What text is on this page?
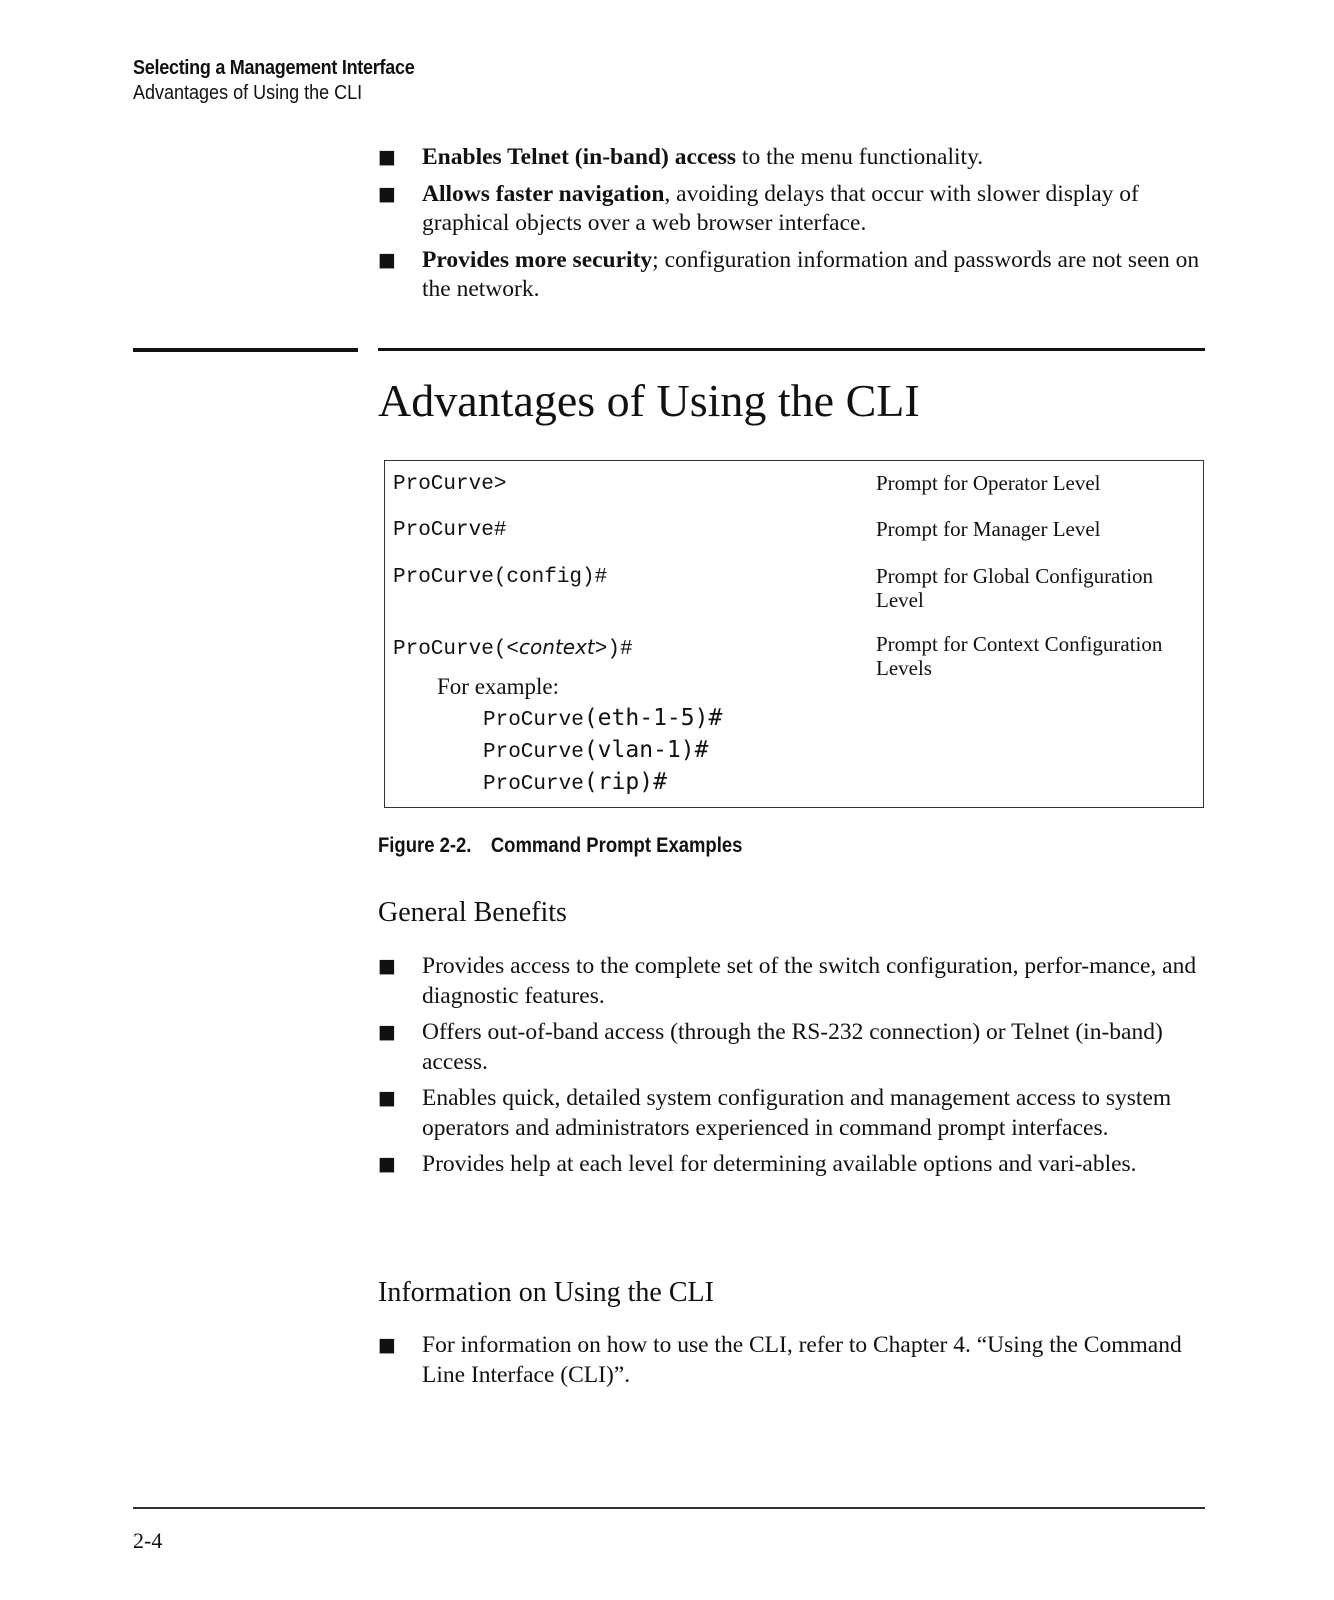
Selecting a Management Interface
Advantages of Using the CLI
■ Enables Telnet (in-band) access to the menu functionality.
■ Allows faster navigation, avoiding delays that occur with slower display of graphical objects over a web browser interface.
■ Provides more security; configuration information and passwords are not seen on the network.
Advantages of Using the CLI
ProCurve>	Prompt for Operator Level
ProCurve#	Prompt for Manager Level
ProCurve(config)#	Prompt for Global Configuration Level
ProCurve(<context>)#	Prompt for Context Configuration Levels
For example:
ProCurve(eth-1-5)#
ProCurve(vlan-1)#
ProCurve(rip)#
Figure 2-2. Command Prompt Examples
General Benefits
■ Provides access to the complete set of the switch configuration, perfor-mance, and diagnostic features.
■ Offers out-of-band access (through the RS-232 connection) or Telnet (in-band) access.
■ Enables quick, detailed system configuration and management access to system operators and administrators experienced in command prompt interfaces.
■ Provides help at each level for determining available options and vari-ables.
Information on Using the CLI
■ For information on how to use the CLI, refer to Chapter 4. “Using the Command Line Interface (CLI)”.
2-4
